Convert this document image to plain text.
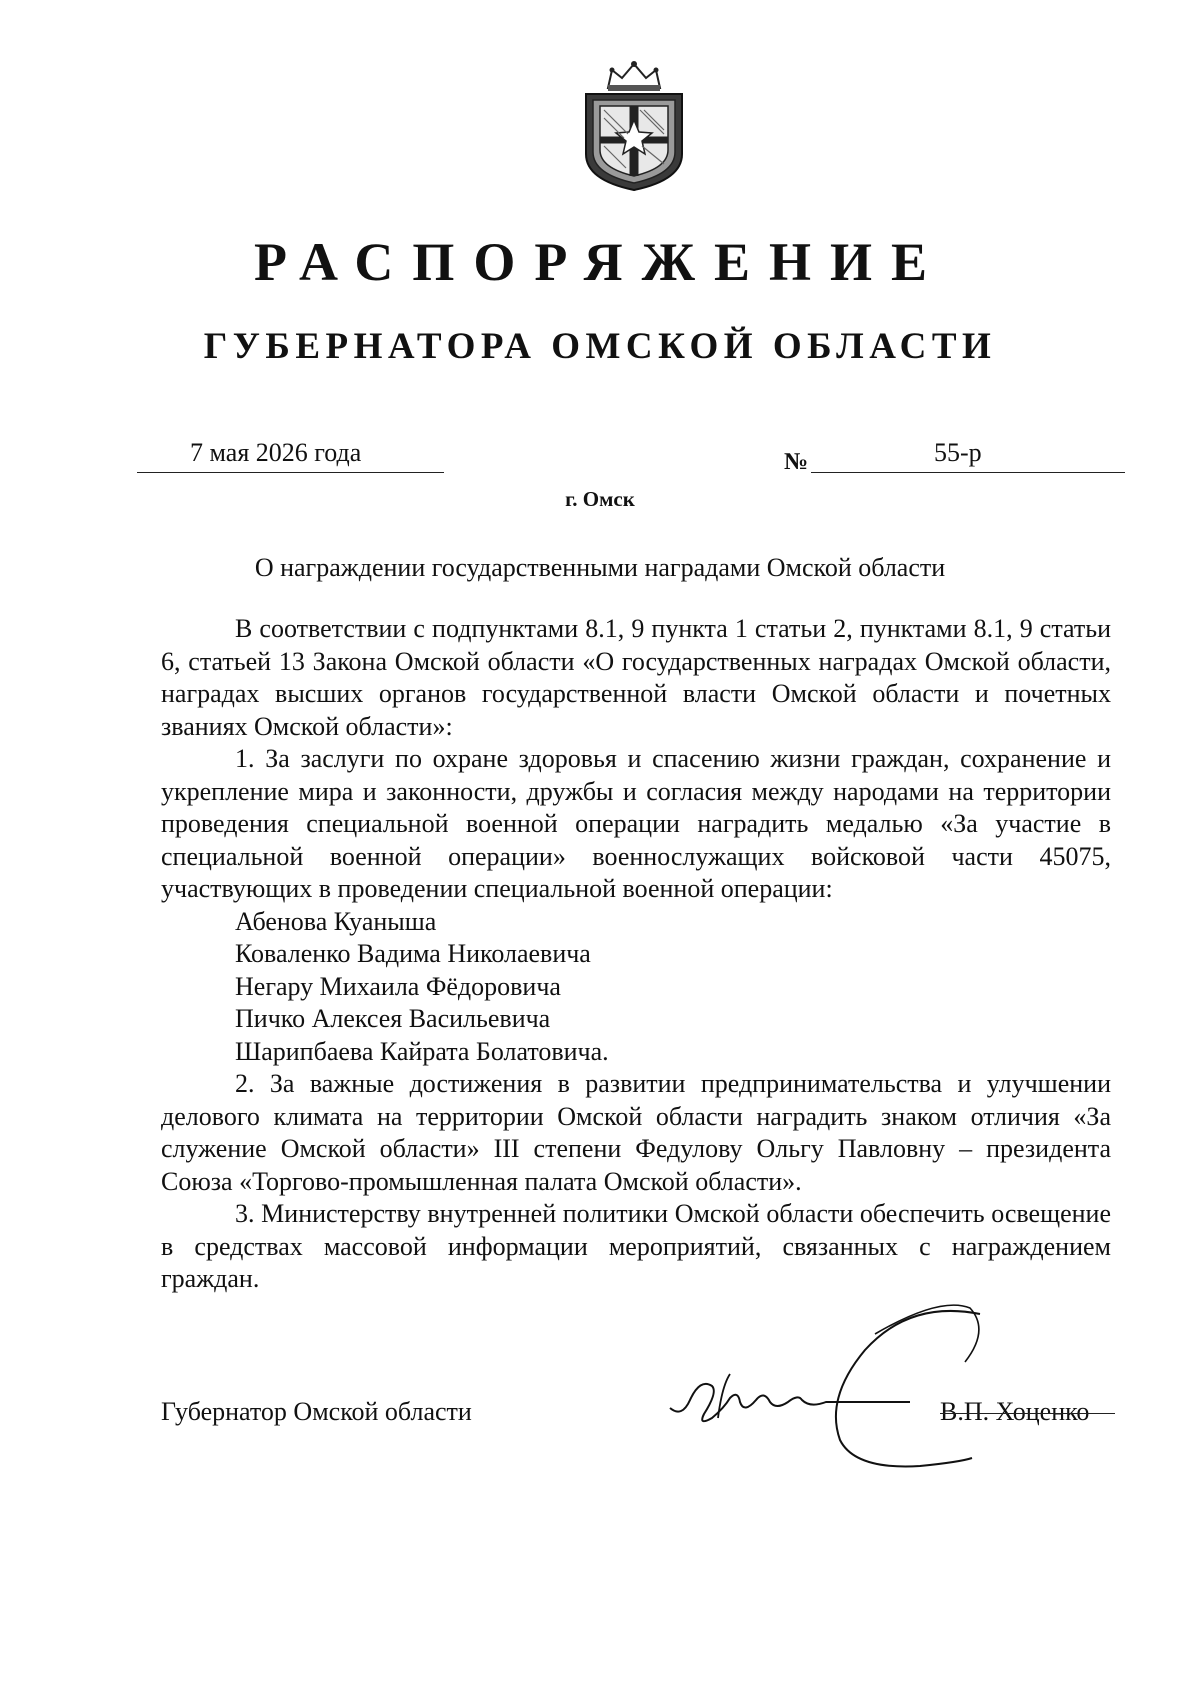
РАСПОРЯЖЕНИЕ
ГУБЕРНАТОРА ОМСКОЙ ОБЛАСТИ
7 мая 2026 года	№	55-р
г. Омск
О награждении государственными наградами Омской области

В соответствии с подпунктами 8.1, 9 пункта 1 статьи 2, пунктами 8.1, 9 статьи 6, статьей 13 Закона Омской области «О государственных наградах Омской области, наградах высших органов государственной власти Омской области и почетных званиях Омской области»:

1. За заслуги по охране здоровья и спасению жизни граждан, сохранение и укрепление мира и законности, дружбы и согласия между народами на территории проведения специальной военной операции наградить медалью «За участие в специальной военной операции» военнослужащих войсковой части 45075, участвующих в проведении специальной военной операции:

Абенова Куаныша

Коваленко Вадима Николаевича

Негару Михаила Фёдоровича

Пичко Алексея Васильевича

Шарипбаева Кайрата Болатовича.

2. За важные достижения в развитии предпринимательства и улучшении делового климата на территории Омской области наградить знаком отличия «За служение Омской области» III степени Федулову Ольгу Павловну – президента Союза «Торгово-промышленная палата Омской области».

3. Министерству внутренней политики Омской области обеспечить освещение в средствах массовой информации мероприятий, связанных с награждением граждан.

Губернатор Омской области	В.П. Хоценко
